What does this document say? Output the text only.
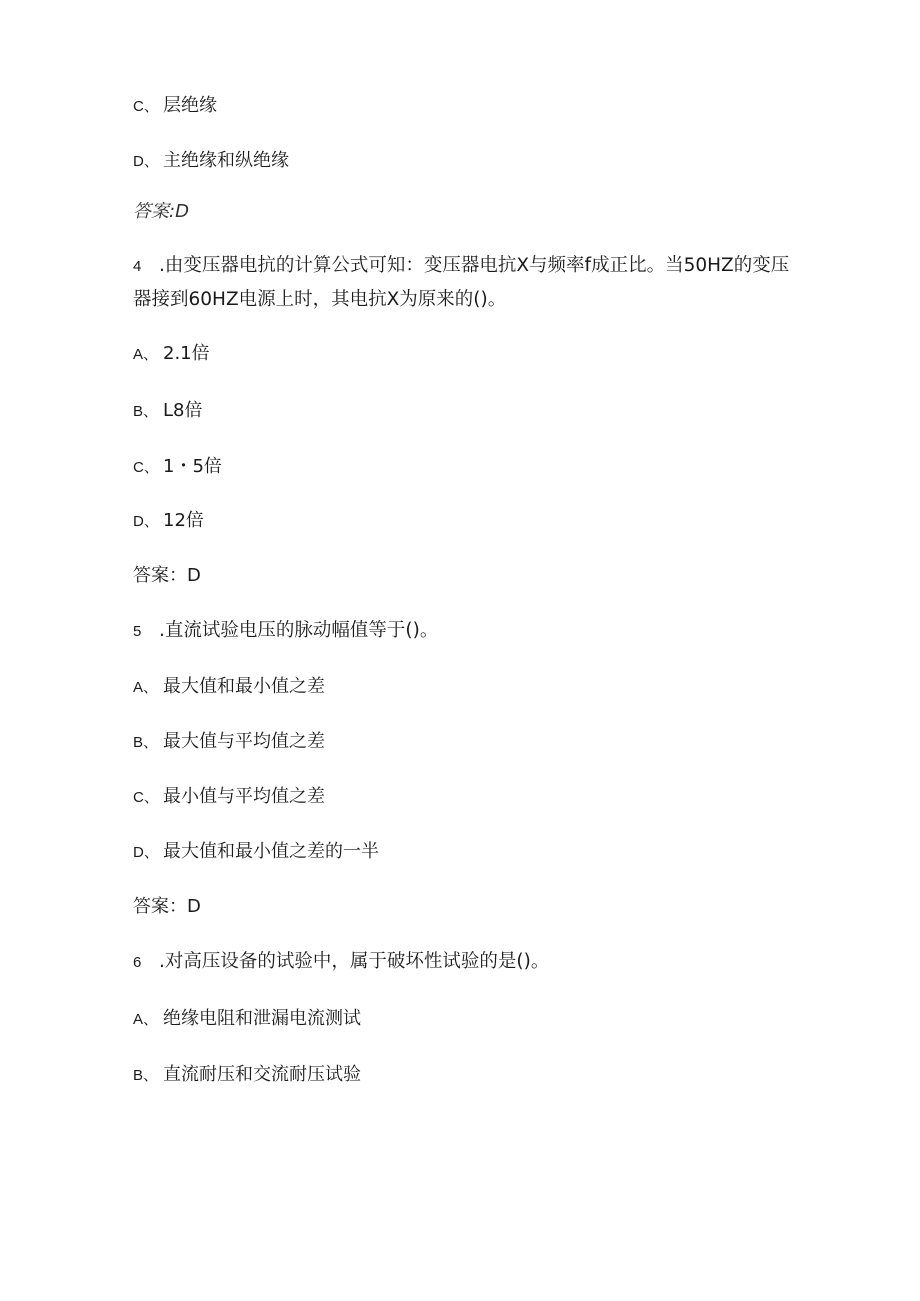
C、 层绝缘
D、 主绝缘和纵绝缘
答案:D
4 .由变压器电抗的计算公式可知：变压器电抗X与频率f成正比。当50HZ的变压
器接到60HZ电源上时，其电抗X为原来的()。
A、 2.1倍
B、 L8倍
C、 1・5倍
D、 12倍
答案：D
5 .直流试验电压的脉动幅值等于()。
A、 最大值和最小值之差
B、 最大值与平均值之差
C、 最小值与平均值之差
D、 最大值和最小值之差的一半
答案：D
6 .对高压设备的试验中，属于破坏性试验的是()。
A、 绝缘电阻和泄漏电流测试
B、 直流耐压和交流耐压试验
